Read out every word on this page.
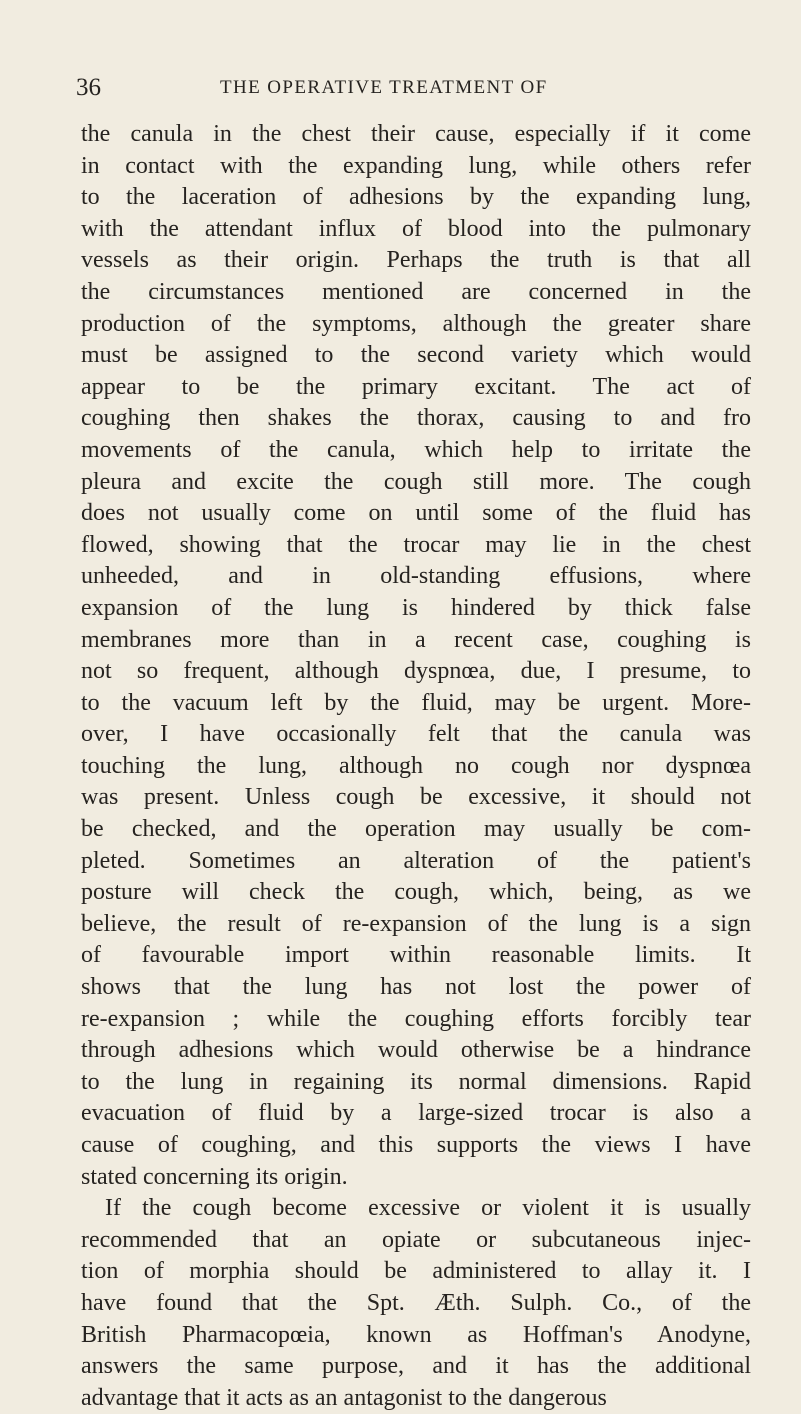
36	THE OPERATIVE TREATMENT OF
the canula in the chest their cause, especially if it come
in contact with the expanding lung, while others refer
to the laceration of adhesions by the expanding lung,
with the attendant influx of blood into the pulmonary
vessels as their origin. Perhaps the truth is that all
the circumstances mentioned are concerned in the
production of the symptoms, although the greater share
must be assigned to the second variety which would
appear to be the primary excitant. The act of
coughing then shakes the thorax, causing to and fro
movements of the canula, which help to irritate the
pleura and excite the cough still more. The cough
does not usually come on until some of the fluid has
flowed, showing that the trocar may lie in the chest
unheeded, and in old-standing effusions, where
expansion of the lung is hindered by thick false
membranes more than in a recent case, coughing is
not so frequent, although dyspnœa, due, I presume, to
to the vacuum left by the fluid, may be urgent. More-
over, I have occasionally felt that the canula was
touching the lung, although no cough nor dyspnœa
was present. Unless cough be excessive, it should not
be checked, and the operation may usually be com-
pleted. Sometimes an alteration of the patient's
posture will check the cough, which, being, as we
believe, the result of re-expansion of the lung is a sign
of favourable import within reasonable limits. It
shows that the lung has not lost the power of
re-expansion ; while the coughing efforts forcibly tear
through adhesions which would otherwise be a hindrance
to the lung in regaining its normal dimensions. Rapid
evacuation of fluid by a large-sized trocar is also a
cause of coughing, and this supports the views I have
stated concerning its origin.
If the cough become excessive or violent it is usually
recommended that an opiate or subcutaneous injec-
tion of morphia should be administered to allay it. I
have found that the Spt. Æth. Sulph. Co., of the
British Pharmacopœia, known as Hoffman's Anodyne,
answers the same purpose, and it has the additional
advantage that it acts as an antagonist to the dangerous
